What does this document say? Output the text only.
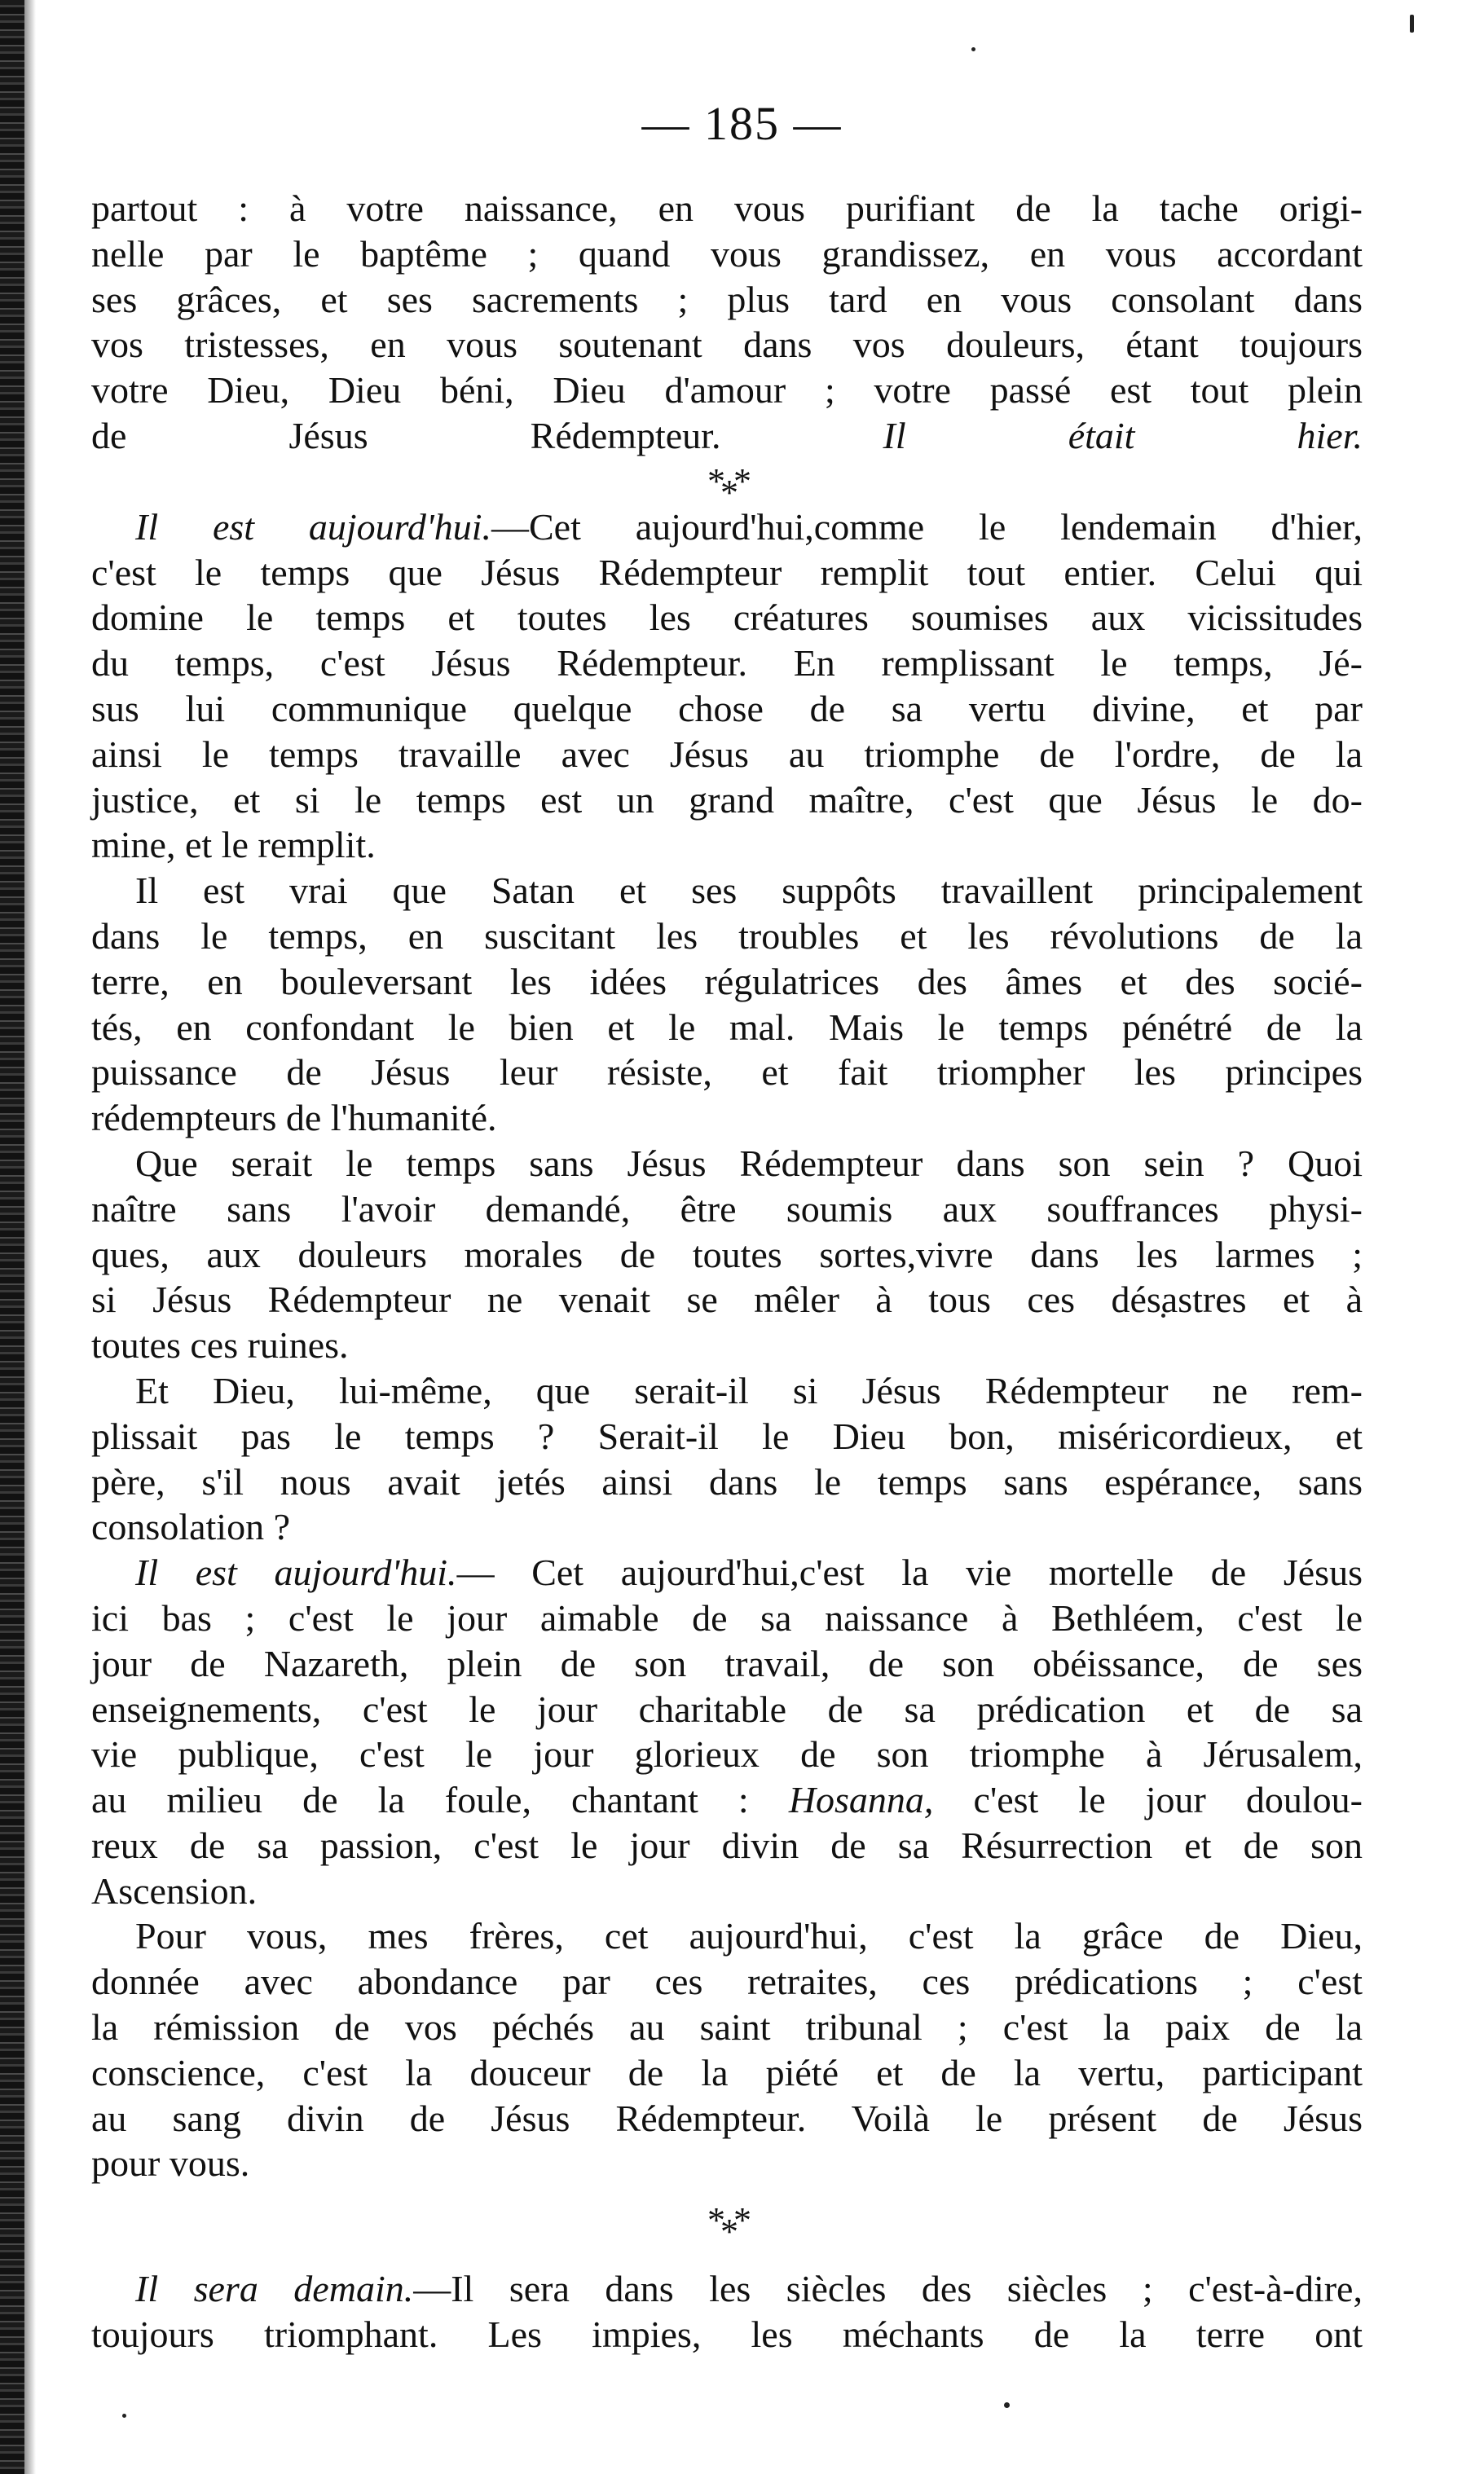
— 185 —
partout : à votre naissance, en vous purifiant de la tache origi-
nelle par le baptême ; quand vous grandissez, en vous accordant
ses grâces, et ses sacrements ; plus tard en vous consolant dans
vos tristesses, en vous soutenant dans vos douleurs, étant toujours
votre Dieu, Dieu béni, Dieu d'amour ; votre passé est tout plein
de Jésus Rédempteur.	Il était hier.
***
Il est aujourd'hui.—Cet aujourd'hui,comme le lendemain d'hier,
c'est le temps que Jésus Rédempteur remplit tout entier. Celui qui
domine le temps et toutes les créatures soumises aux vicissitudes
du temps, c'est Jésus Rédempteur. En remplissant le temps, Jé-
sus lui communique quelque chose de sa vertu divine, et par
ainsi le temps travaille avec Jésus au triomphe de l'ordre, de la
justice, et si le temps est un grand maître, c'est que Jésus le do-
mine, et le remplit.
Il est vrai que Satan et ses suppôts travaillent principalement
dans le temps, en suscitant les troubles et les révolutions de la
terre, en bouleversant les idées régulatrices des âmes et des socié-
tés, en confondant le bien et le mal. Mais le temps pénétré de la
puissance de Jésus leur résiste, et fait triompher les principes
rédempteurs de l'humanité.
Que serait le temps sans Jésus Rédempteur dans son sein ? Quoi
naître sans l'avoir demandé, être soumis aux souffrances physi-
ques, aux douleurs morales de toutes sortes,vivre dans les larmes ;
si Jésus Rédempteur ne venait se mêler à tous ces désastres et à
toutes ces ruines.
Et Dieu, lui-même, que serait-il si Jésus Rédempteur ne rem-
plissait pas le temps ? Serait-il le Dieu bon, miséricordieux, et
père, s'il nous avait jetés ainsi dans le temps sans espérance, sans
consolation ?
Il est aujourd'hui.— Cet aujourd'hui,c'est la vie mortelle de Jésus
ici bas ; c'est le jour aimable de sa naissance à Bethléem, c'est le
jour de Nazareth, plein de son travail, de son obéissance, de ses
enseignements, c'est le jour charitable de sa prédication et de sa
vie publique, c'est le jour glorieux de son triomphe à Jérusalem,
au milieu de la foule, chantant : Hosanna, c'est le jour doulou-
reux de sa passion, c'est le jour divin de sa Résurrection et de son
Ascension.
Pour vous, mes frères, cet aujourd'hui, c'est la grâce de Dieu,
donnée avec abondance par ces retraites, ces prédications ; c'est
la rémission de vos péchés au saint tribunal ; c'est la paix de la
conscience, c'est la douceur de la piété et de la vertu, participant
au sang divin de Jésus Rédempteur. Voilà le présent de Jésus
pour vous.
***
Il sera demain.—Il sera dans les siècles des siècles ; c'est-à-dire,
toujours triomphant. Les impies, les méchants de la terre ont
